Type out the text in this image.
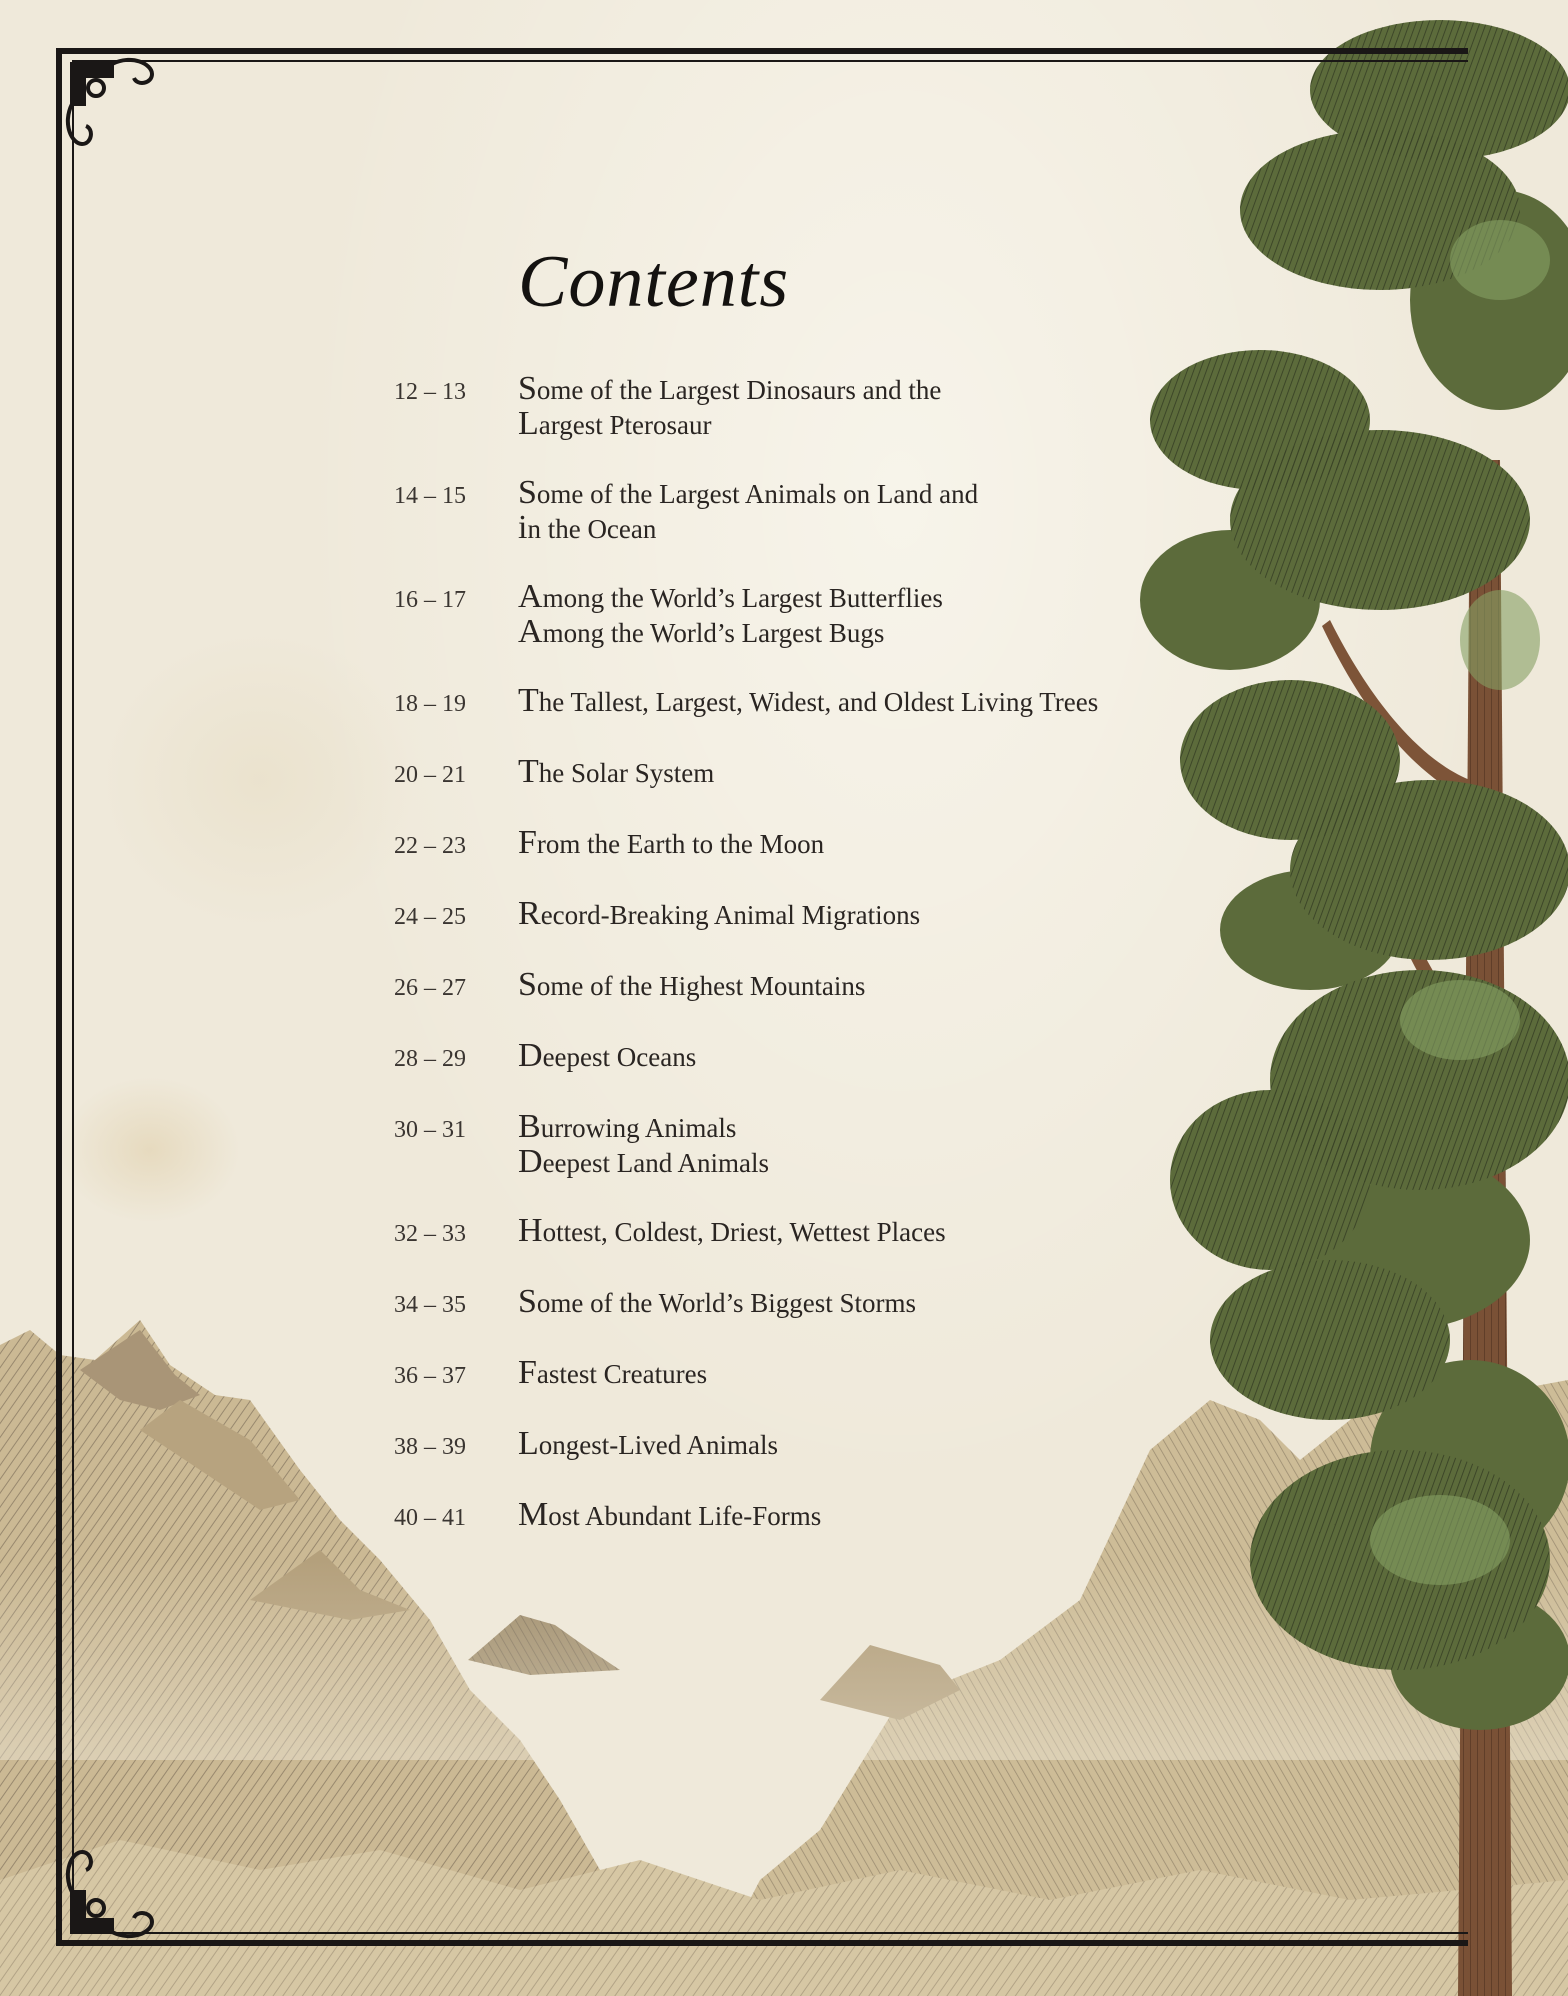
Contents
12 – 13	Some of the Largest Dinosaurs and the
Largest Pterosaur
14 – 15	Some of the Largest Animals on Land and
in the Ocean
16 – 17	Among the World’s Largest Butterflies
Among the World’s Largest Bugs
18 – 19	The Tallest, Largest, Widest, and Oldest Living Trees
20 – 21	The Solar System
22 – 23	From the Earth to the Moon
24 – 25	Record-Breaking Animal Migrations
26 – 27	Some of the Highest Mountains
28 – 29	Deepest Oceans
30 – 31	Burrowing Animals
Deepest Land Animals
32 – 33	Hottest, Coldest, Driest, Wettest Places
34 – 35	Some of the World’s Biggest Storms
36 – 37	Fastest Creatures
38 – 39	Longest-Lived Animals
40 – 41	Most Abundant Life-Forms
